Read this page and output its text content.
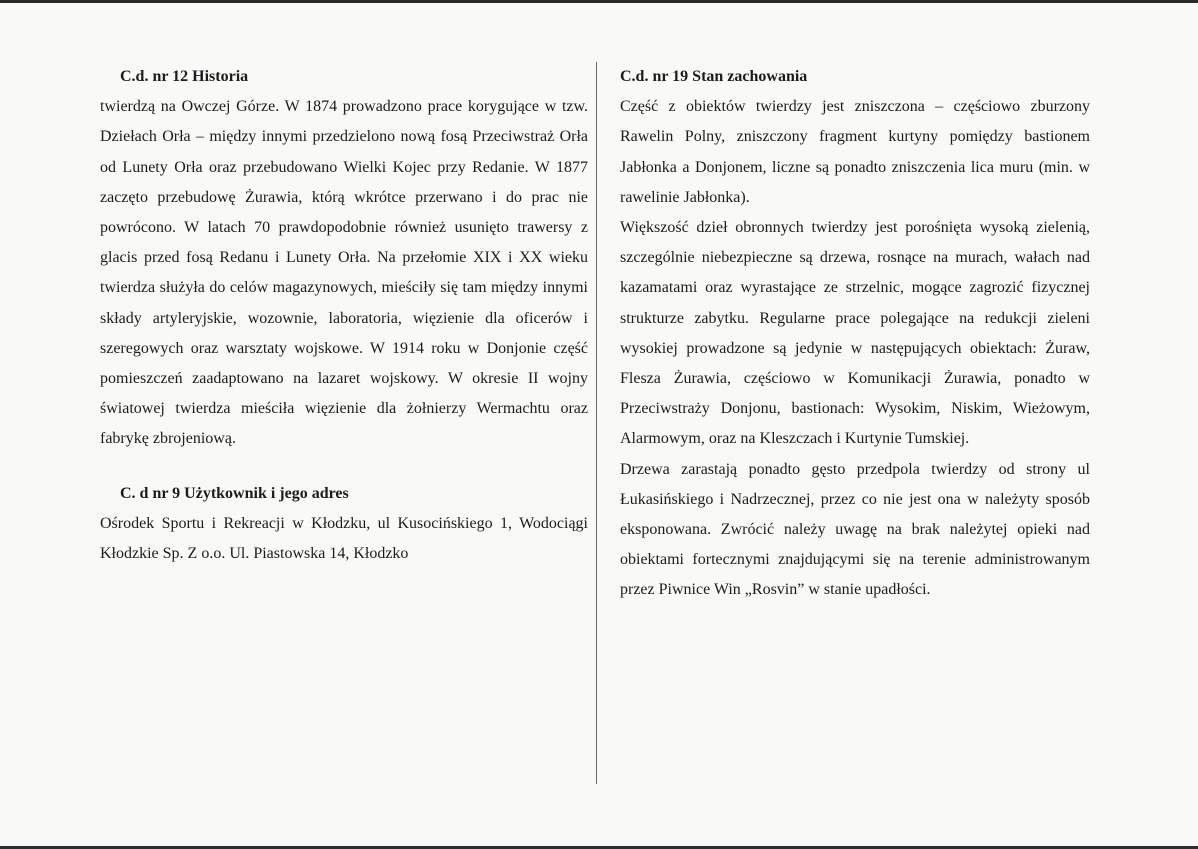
C.d. nr 12 Historia

twierdzą na Owczej Górze. W 1874 prowadzono prace korygujące w tzw. Dziełach Orła – między innymi przedzielono nową fosą Przeciwstraż Orła od Lunety Orła oraz przebudowano Wielki Kojec przy Redanie. W 1877 zaczęto przebudowę Żurawia, którą wkrótce przerwano i do prac nie powrócono. W latach 70 prawdopodobnie również usunięto trawersy z glacis przed fosą Redanu i Lunety Orła. Na przełomie XIX i XX wieku twierdza służyła do celów magazynowych, mieściły się tam między innymi składy artyleryjskie, wozownie, laboratoria, więzienie dla oficerów i szeregowych oraz warsztaty wojskowe. W 1914 roku w Donjonie część pomieszczeń zaadaptowano na lazaret wojskowy. W okresie II wojny światowej twierdza mieściła więzienie dla żołnierzy Wermachtu oraz fabrykę zbrojeniową.

C. d nr 9 Użytkownik i jego adres

Ośrodek Sportu i Rekreacji w Kłodzku, ul Kusocińskiego 1, Wodociągi Kłodzkie Sp. Z o.o. Ul. Piastowska 14, Kłodzko

C.d. nr 19 Stan zachowania

Część z obiektów twierdzy jest zniszczona – częściowo zburzony Rawelin Polny, zniszczony fragment kurtyny pomiędzy bastionem Jabłonka a Donjonem, liczne są ponadto zniszczenia lica muru (min. w rawelinie Jabłonka).

Większość dzieł obronnych twierdzy jest porośnięta wysoką zielenią, szczególnie niebezpieczne są drzewa, rosnące na murach, wałach nad kazamatami oraz wyrastające ze strzelnic, mogące zagrozić fizycznej strukturze zabytku. Regularne prace polegające na redukcji zieleni wysokiej prowadzone są jedynie w następujących obiektach: Żuraw, Flesza Żurawia, częściowo w Komunikacji Żurawia, ponadto w Przeciwstraży Donjonu, bastionach: Wysokim, Niskim, Wieżowym, Alarmowym, oraz na Kleszczach i Kurtynie Tumskiej.

Drzewa zarastają ponadto gęsto przedpola twierdzy od strony ul Łukasińskiego i Nadrzecznej, przez co nie jest ona w należyty sposób eksponowana. Zwrócić należy uwagę na brak należytej opieki nad obiektami fortecznymi znajdującymi się na terenie administrowanym przez Piwnice Win „Rosvin” w stanie upadłości.
